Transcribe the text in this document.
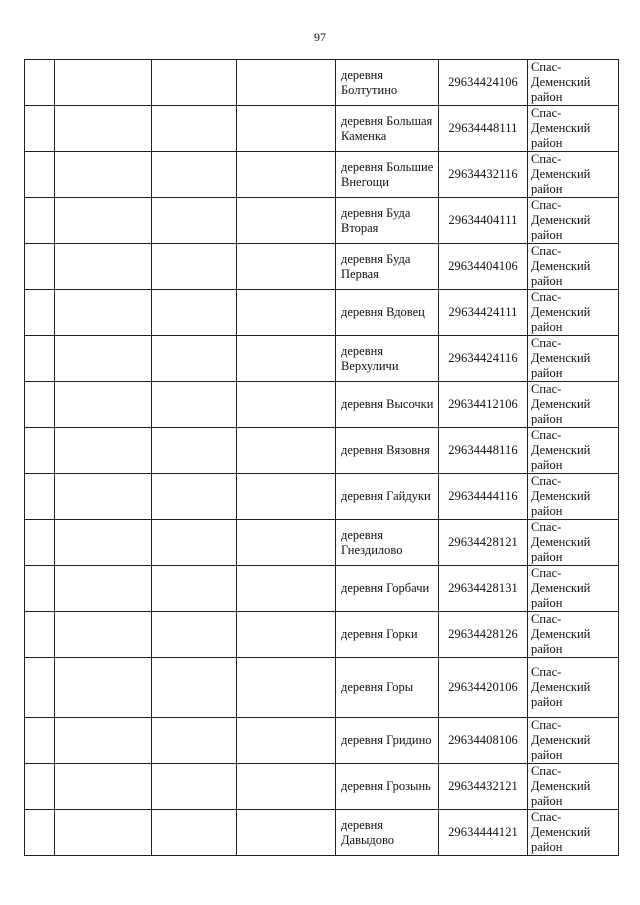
97
				деревня Болтутино	29634424106	Спас-Деменский район
				деревня Большая Каменка	29634448111	Спас-Деменский район
				деревня Большие Внегощи	29634432116	Спас-Деменский район
				деревня Буда Вторая	29634404111	Спас-Деменский район
				деревня Буда Первая	29634404106	Спас-Деменский район
				деревня Вдовец	29634424111	Спас-Деменский район
				деревня Верхуличи	29634424116	Спас-Деменский район
				деревня Высочки	29634412106	Спас-Деменский район
				деревня Вязовня	29634448116	Спас-Деменский район
				деревня Гайдуки	29634444116	Спас-Деменский район
				деревня Гнездилово	29634428121	Спас-Деменский район
				деревня Горбачи	29634428131	Спас-Деменский район
				деревня Горки	29634428126	Спас-Деменский район
				деревня Горы	29634420106	Спас-Деменский район
				деревня Гридино	29634408106	Спас-Деменский район
				деревня Грозынь	29634432121	Спас-Деменский район
				деревня Давыдово	29634444121	Спас-Деменский район
